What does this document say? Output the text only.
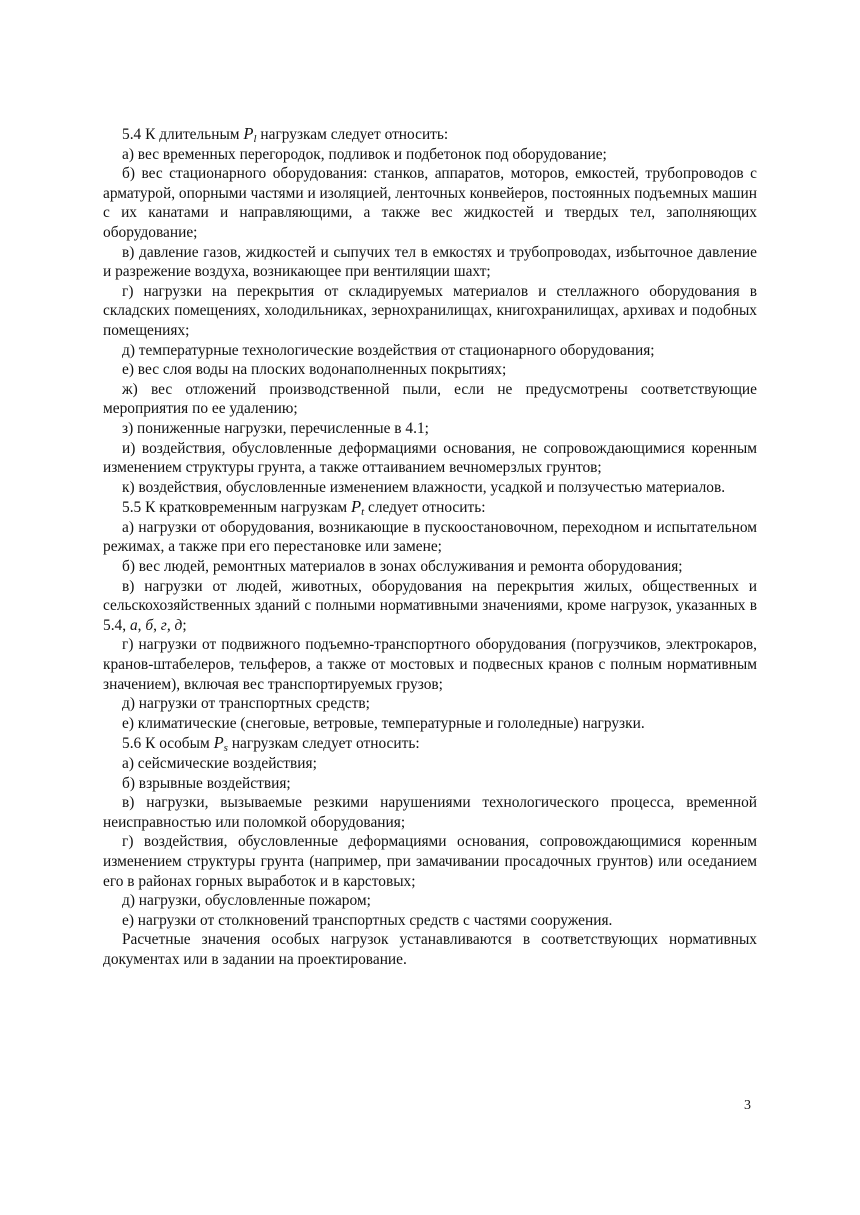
5.4 К длительным $P_l$ нагрузкам следует относить:

а) вес временных перегородок, подливок и подбетонок под оборудование;

б) вес стационарного оборудования: станков, аппаратов, моторов, емкостей, трубопроводов с арматурой, опорными частями и изоляцией, ленточных конвейеров, постоянных подъемных машин с их канатами и направляющими, а также вес жидкостей и твердых тел, заполняющих оборудование;

в) давление газов, жидкостей и сыпучих тел в емкостях и трубопроводах, избыточное давление и разрежение воздуха, возникающее при вентиляции шахт;

г) нагрузки на перекрытия от складируемых материалов и стеллажного оборудования в складских помещениях, холодильниках, зернохранилищах, книгохранилищах, архивах и подобных помещениях;

д) температурные технологические воздействия от стационарного оборудования;

е) вес слоя воды на плоских водонаполненных покрытиях;

ж) вес отложений производственной пыли, если не предусмотрены соответствующие мероприятия по ее удалению;

з) пониженные нагрузки, перечисленные в 4.1;

и) воздействия, обусловленные деформациями основания, не сопровождающимися коренным изменением структуры грунта, а также оттаиванием вечномерзлых грунтов;

к) воздействия, обусловленные изменением влажности, усадкой и ползучестью материалов.

5.5 К кратковременным нагрузкам $P_t$ следует относить:

а) нагрузки от оборудования, возникающие в пускоостановочном, переходном и испытательном режимах, а также при его перестановке или замене;

б) вес людей, ремонтных материалов в зонах обслуживания и ремонта оборудования;

в) нагрузки от людей, животных, оборудования на перекрытия жилых, общественных и сельскохозяйственных зданий с полными нормативными значениями, кроме нагрузок, указанных в 5.4, а, б, г, д;

г) нагрузки от подвижного подъемно-транспортного оборудования (погрузчиков, электрокаров, кранов-штабелеров, тельферов, а также от мостовых и подвесных кранов с полным нормативным значением), включая вес транспортируемых грузов;

д) нагрузки от транспортных средств;

е) климатические (снеговые, ветровые, температурные и гололедные) нагрузки.

5.6 К особым $P_s$ нагрузкам следует относить:

а) сейсмические воздействия;

б) взрывные воздействия;

в) нагрузки, вызываемые резкими нарушениями технологического процесса, временной неисправностью или поломкой оборудования;

г) воздействия, обусловленные деформациями основания, сопровождающимися коренным изменением структуры грунта (например, при замачивании просадочных грунтов) или оседанием его в районах горных выработок и в карстовых;

д) нагрузки, обусловленные пожаром;

е) нагрузки от столкновений транспортных средств с частями сооружения.

Расчетные значения особых нагрузок устанавливаются в соответствующих нормативных документах или в задании на проектирование.

3
